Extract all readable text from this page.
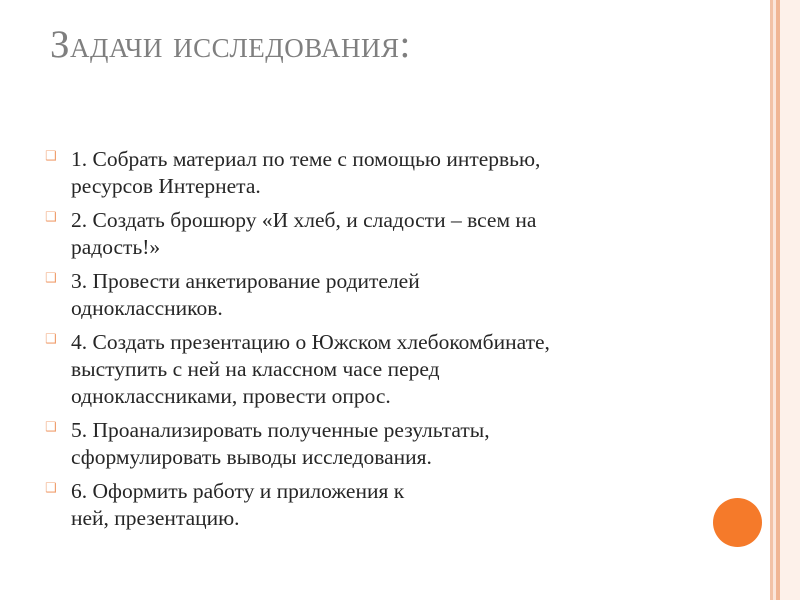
Задачи исследования:
❑ 1. Собрать материал по теме с помощью интервью,
ресурсов Интернета.
❑ 2. Создать брошюру «И хлеб, и сладости – всем на
радость!»
❑ 3. Провести анкетирование родителей
одноклассников.
❑ 4. Создать презентацию о Южском хлебокомбинате,
выступить с ней на классном часе перед
одноклассниками, провести опрос.
❑ 5. Проанализировать полученные результаты,
сформулировать выводы исследования.
❑ 6. Оформить работу и приложения к
ней, презентацию.
